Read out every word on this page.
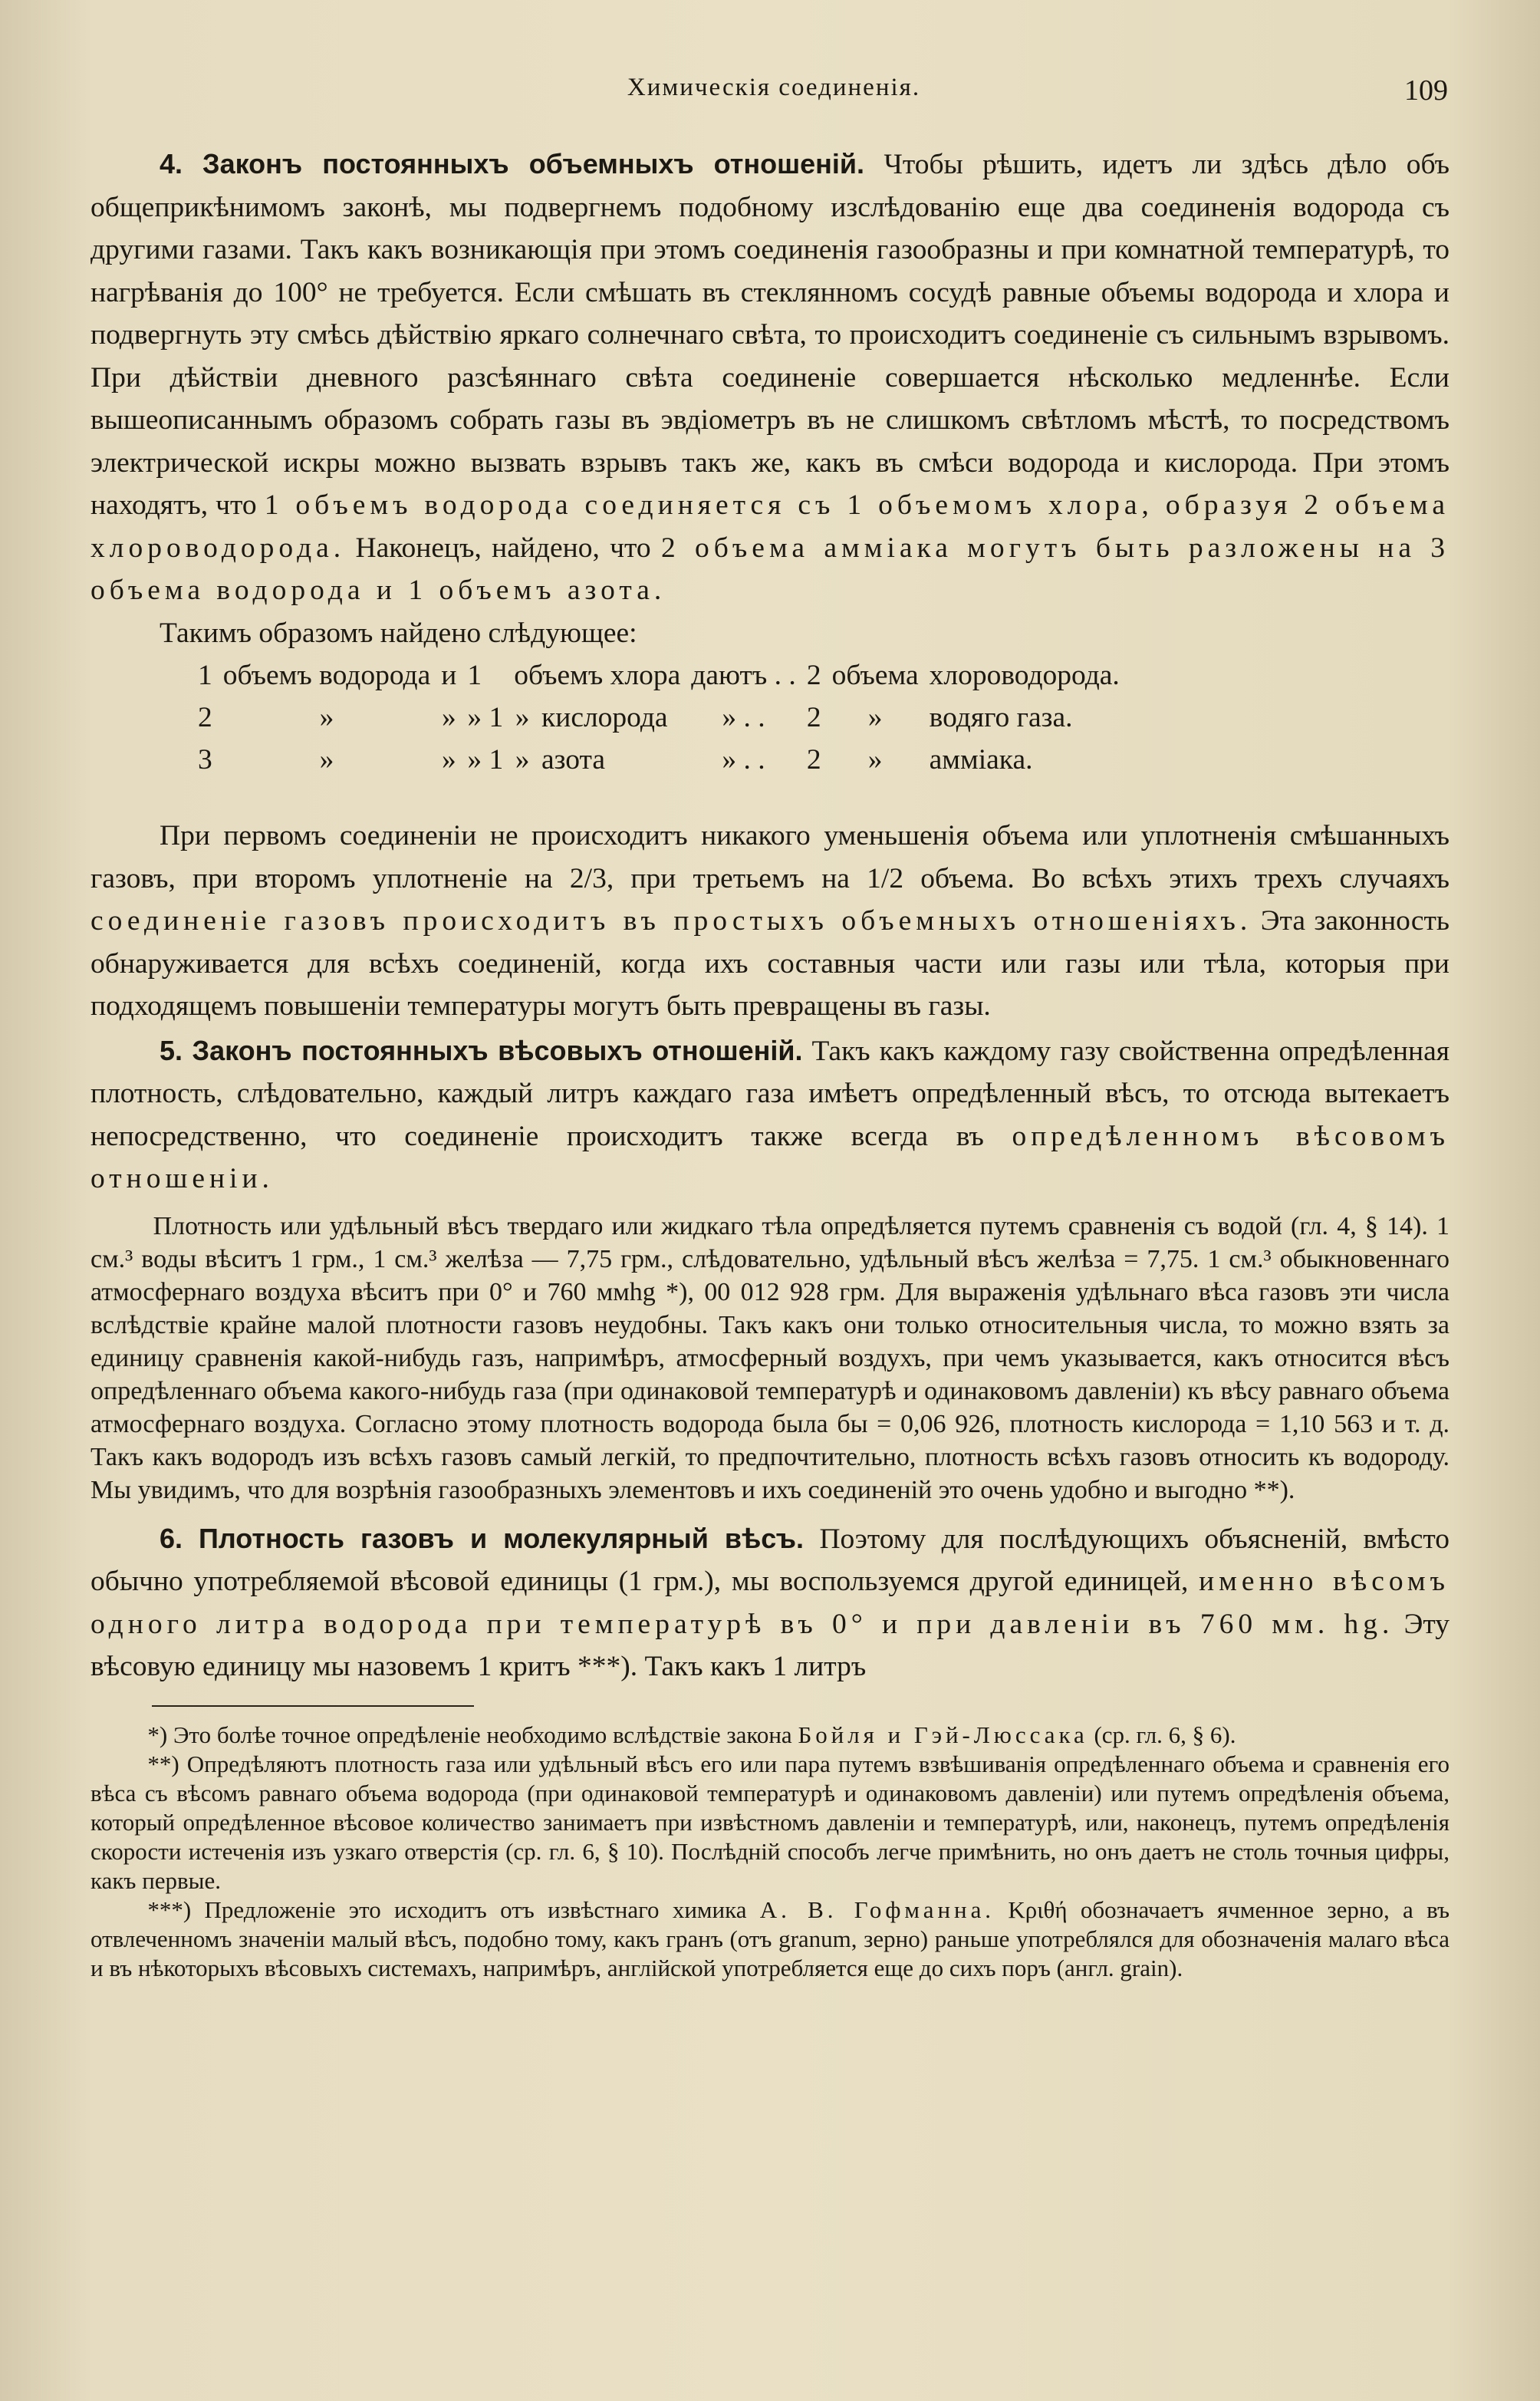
Химическія соединенія.	109

4. Законъ постоянныхъ объемныхъ отношеній. Чтобы рѣшить, идетъ ли здѣсь дѣло объ общеприкѣнимомъ законѣ, мы подвергнемъ подобному изслѣдованію еще два соединенія водорода съ другими газами. Такъ какъ возникающія при этомъ соединенія газообразны и при комнатной температурѣ, то нагрѣванія до 100° не требуется. Если смѣшать въ стеклянномъ сосудѣ равные объемы водорода и хлора и подвергнуть эту смѣсь дѣйствію яркаго солнечнаго свѣта, то происходитъ соединеніе съ сильнымъ взрывомъ. При дѣйствіи дневного разсѣяннаго свѣта соединеніе совершается нѣсколько медленнѣе. Если вышеописаннымъ образомъ собрать газы въ эвдіометръ въ не слишкомъ свѣтломъ мѣстѣ, то посредствомъ электрической искры можно вызвать взрывъ такъ же, какъ въ смѣси водорода и кислорода. При этомъ находятъ, что 1 объемъ водорода соединяется съ 1 объемомъ хлора, образуя 2 объема хлороводорода. Наконецъ, найдено, что 2 объема аммiака могутъ быть разложены на 3 объема водорода и 1 объемъ азота.

Такимъ образомъ найдено слѣдующее:

1	объемъ водорода	и	1	объемъ хлора		даютъ . .	2	объема	хлороводорода.
2	»	»	» 1	»	кислорода	» . .	2	»	водяго газа.
3	»	»	» 1	»	азота	» . .	2	»	амміака.

При первомъ соединеніи не происходитъ никакого уменьшенія объема или уплотненія смѣшанныхъ газовъ, при второмъ уплотненіе на 2/3, при третьемъ на 1/2 объема. Во всѣхъ этихъ трехъ случаяхъ соединеніе газовъ происходитъ въ простыхъ объемныхъ отношеніяхъ. Эта законность обнаруживается для всѣхъ соединеній, когда ихъ составныя части или газы или тѣла, которыя при подходящемъ повышеніи температуры могутъ быть превращены въ газы.

5. Законъ постоянныхъ вѣсовыхъ отношеній. Такъ какъ каждому газу свойственна опредѣленная плотность, слѣдовательно, каждый литръ каждаго газа имѣетъ опредѣленный вѣсъ, то отсюда вытекаетъ непосредственно, что соединеніе происходитъ также всегда въ опредѣленномъ вѣсовомъ отношеніи.

Плотность или удѣльный вѣсъ твердаго или жидкаго тѣла опредѣляется путемъ сравненія съ водой (гл. 4, § 14). 1 см.³ воды вѣситъ 1 грм., 1 см.³ желѣза — 7,75 грм., слѣдовательно, удѣльный вѣсъ желѣза = 7,75. 1 см.³ обыкновеннаго атмосфернаго воздуха вѣситъ при 0° и 760 ммhg *), 00 012 928 грм. Для выраженія удѣльнаго вѣса газовъ эти числа вслѣдствіе крайне малой плотности газовъ неудобны. Такъ какъ они только относительныя числа, то можно взять за единицу сравненія какой-нибудь газъ, напримѣръ, атмосферный воздухъ, при чемъ указывается, какъ относится вѣсъ опредѣленнаго объема какого-нибудь газа (при одинаковой температурѣ и одинаковомъ давленіи) къ вѣсу равнаго объема атмосфернаго воздуха. Согласно этому плотность водорода была бы = 0,06 926, плотность кислорода = 1,10 563 и т. д. Такъ какъ водородъ изъ всѣхъ газовъ самый легкій, то предпочтительно, плотность всѣхъ газовъ относить къ водороду. Мы увидимъ, что для возрѣнія газообразныхъ элементовъ и ихъ соединеній это очень удобно и выгодно **).

6. Плотность газовъ и молекулярный вѣсъ. Поэтому для послѣдующихъ объясненій, вмѣсто обычно употребляемой вѣсовой единицы (1 грм.), мы воспользуемся другой единицей, именно вѣсомъ одного литра водорода при температурѣ въ 0° и при давленіи въ 760 мм. hg. Эту вѣсовую единицу мы назовемъ 1 критъ ***). Такъ какъ 1 литръ

*) Это болѣе точное опредѣленіе необходимо вслѣдствіе закона Бойля и Гэй-Люссака (ср. гл. 6, § 6).

**) Опредѣляютъ плотность газа или удѣльный вѣсъ его или пара путемъ взвѣшиванія опредѣленнаго объема и сравненія его вѣса съ вѣсомъ равнаго объема водорода (при одинаковой температурѣ и одинаковомъ давленіи) или путемъ опредѣленія объема, который опредѣленное вѣсовое количество занимаетъ при извѣстномъ давленіи и температурѣ, или, наконецъ, путемъ опредѣленія скорости истеченія изъ узкаго отверстія (ср. гл. 6, § 10). Послѣдній способъ легче примѣнить, но онъ даетъ не столь точныя цифры, какъ первые.

***) Предложеніе это исходитъ отъ извѣстнаго химика А. В. Гофманна. Κριθή обозначаетъ ячменное зерно, а въ отвлеченномъ значеніи малый вѣсъ, подобно тому, какъ гранъ (отъ granum, зерно) раньше употреблялся для обозначенія малаго вѣса и въ нѣкоторыхъ вѣсовыхъ системахъ, напримѣръ, англійской употребляется еще до сихъ поръ (англ. grain).
